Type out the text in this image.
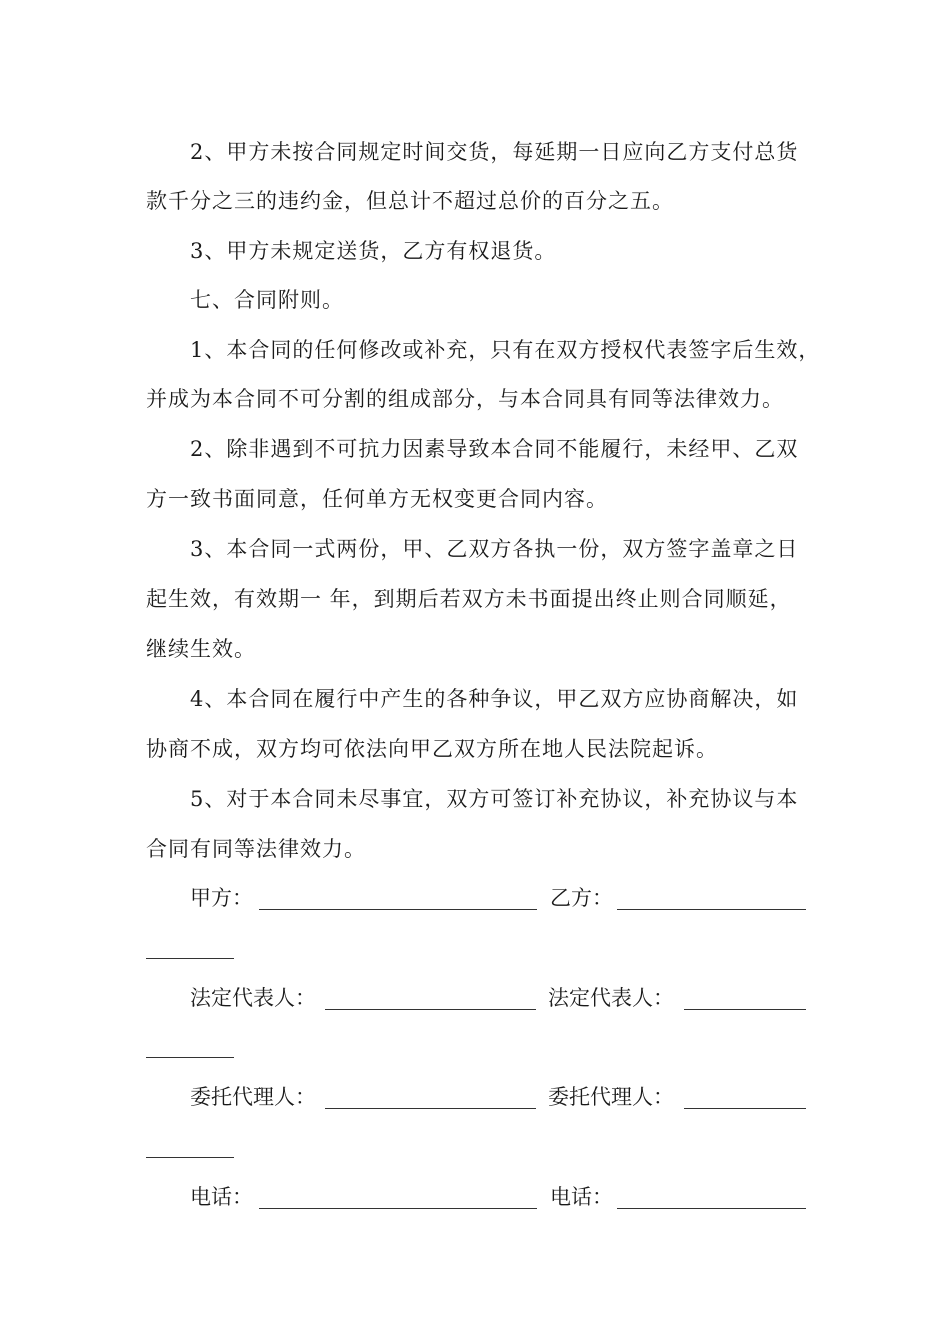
2、甲方未按合同规定时间交货，每延期一日应向乙方支付总货
款千分之三的违约金，但总计不超过总价的百分之五。
3、甲方未规定送货，乙方有权退货。
七、合同附则。
1、本合同的任何修改或补充，只有在双方授权代表签字后生效，
并成为本合同不可分割的组成部分，与本合同具有同等法律效力。
2、除非遇到不可抗力因素导致本合同不能履行，未经甲、乙双
方一致书面同意，任何单方无权变更合同内容。
3、本合同一式两份，甲、乙双方各执一份，双方签字盖章之日
起生效，有效期一 年，到期后若双方未书面提出终止则合同顺延，
继续生效。
4、本合同在履行中产生的各种争议，甲乙双方应协商解决，如
协商不成，双方均可依法向甲乙双方所在地人民法院起诉。
5、对于本合同未尽事宜，双方可签订补充协议，补充协议与本
合同有同等法律效力。
甲方：	乙方：
法定代表人：	法定代表人：
委托代理人：	委托代理人：
电话：	电话：
